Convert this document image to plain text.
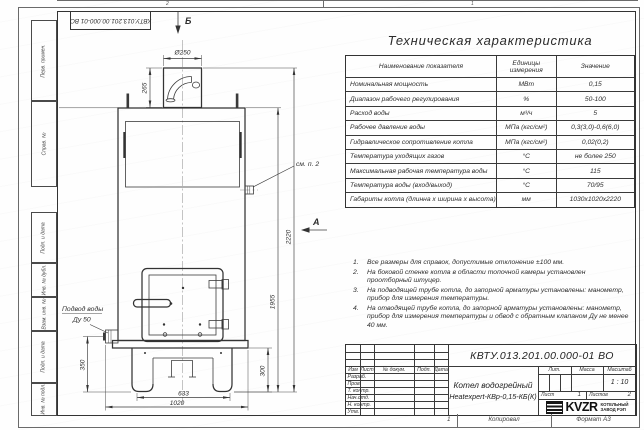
Б
Ø250
265
см. п. 2
Подвод воды
Ду 50
350
300
633
1020
1955
2220
А
2	1
Перв. примен.
Справ. №
Подп. и дата
Инв. № дубл.
Взам. инв. №
Подп. и дата
Инв. № подл.
КВТУ.013.201.00.000-01 ВО
Техническая характеристика
Наименование показателя	Единицы измерения	Значение
Номинальная мощность	МВт	0,15
Диапазон рабочего регулирования	%	50-100
Расход воды	м³/ч	5
Рабочее давление воды	МПа (кгс/см²)	0,3(3,0)-0,6(6,0)
Гидравлическое сопротивление котла	МПа (кгс/см²)	0,02(0,2)
Температура уходящих газов	°С	не более 250
Максимальная рабочая температура воды	°С	115
Температура воды (вход/выход)	°С	70/95
Габариты котла (длинна х ширина х высота)	мм	1030х1020х2220
1.	Все размеры для справок, допустимые отклонение ±100 мм.
2.	На боковой стенке котла в области топочной камеры установлен проотборный штуцер.
3.	На подводящей трубе котла, до запорной арматуры установлены: манометр, прибор для измерения температуры.
4.	На отводящей трубе котла, до запорной арматуры установлены: манометр, прибор для измерения температуры и обвод с обратным клапаном Ду не менее 40 мм.
Изм Лист	№ докум.	Подп. Дата
Разраб.
Пров.
Т. контр.
Нач.отд.
Н. контр.
Утв.
КВТУ.013.201.00.000-01 ВО
Котел водогрейный
Heatexpert-КВр-0,15-КБ(К)
Лит.	Масса	Масштаб
1 : 10
Лист	1	Листов	2
KVZR КОТЕЛЬНЫЙ
ЗАВОД РЭП
1	Копировал	Формат А3
